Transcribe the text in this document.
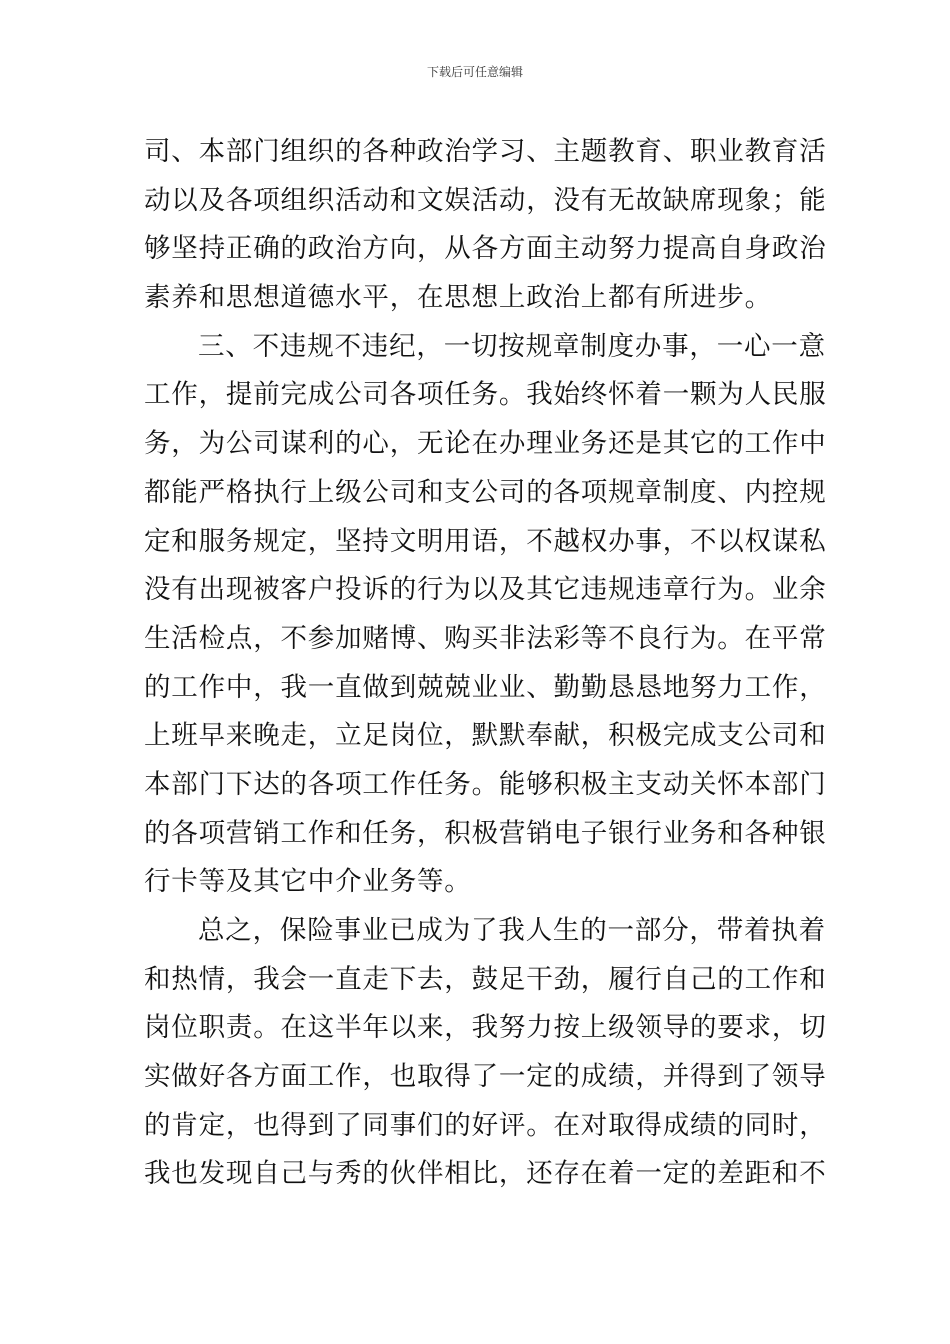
下载后可任意编辑
司、本部门组织的各种政治学习、主题教育、职业教育活
动以及各项组织活动和文娱活动，没有无故缺席现象；能
够坚持正确的政治方向，从各方面主动努力提高自身政治
素养和思想道德水平，在思想上政治上都有所进步。
三、不违规不违纪，一切按规章制度办事，一心一意
工作，提前完成公司各项任务。我始终怀着一颗为人民服
务，为公司谋利的心，无论在办理业务还是其它的工作中
都能严格执行上级公司和支公司的各项规章制度、内控规
定和服务规定，坚持文明用语，不越权办事，不以权谋私
没有出现被客户投诉的行为以及其它违规违章行为。业余
生活检点，不参加赌博、购买非法彩等不良行为。在平常
的工作中，我一直做到兢兢业业、勤勤恳恳地努力工作，
上班早来晚走，立足岗位，默默奉献，积极完成支公司和
本部门下达的各项工作任务。能够积极主支动关怀本部门
的各项营销工作和任务，积极营销电子银行业务和各种银
行卡等及其它中介业务等。
总之，保险事业已成为了我人生的一部分，带着执着
和热情，我会一直走下去，鼓足干劲，履行自己的工作和
岗位职责。在这半年以来，我努力按上级领导的要求，切
实做好各方面工作，也取得了一定的成绩，并得到了领导
的肯定，也得到了同事们的好评。在对取得成绩的同时，
我也发现自己与秀的伙伴相比，还存在着一定的差距和不
